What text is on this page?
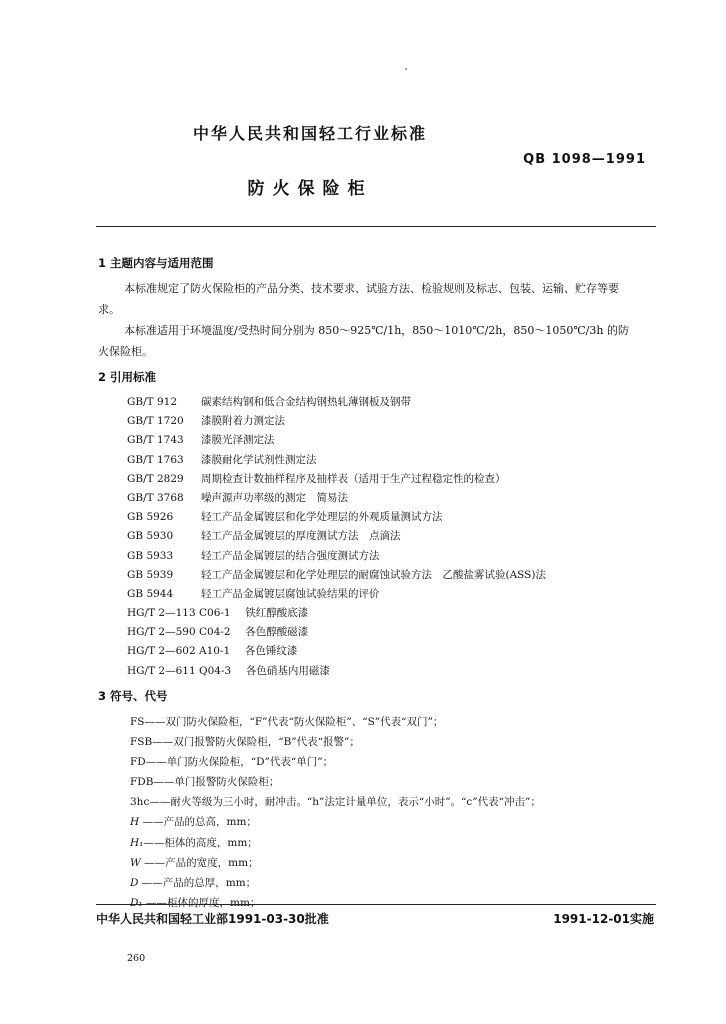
中华人民共和国轻工行业标准
QB 1098—1991
防火保险柜
1 主题内容与适用范围
本标准规定了防火保险柜的产品分类、技术要求、试验方法、检验规则及标志、包装、运输、贮存等要
求。
本标准适用于环境温度/受热时间分别为 850～925℃/1h，850～1010℃/2h，850～1050℃/3h 的防
火保险柜。
2 引用标准
GB/T 912 碳素结构钢和低合金结构钢热轧薄钢板及钢带
GB/T 1720 漆膜附着力测定法
GB/T 1743 漆膜光泽测定法
GB/T 1763 漆膜耐化学试剂性测定法
GB/T 2829 周期检查计数抽样程序及抽样表（适用于生产过程稳定性的检查）
GB/T 3768 噪声源声功率级的测定　简易法
GB 5926	轻工产品金属镀层和化学处理层的外观质量测试方法
GB 5930	轻工产品金属镀层的厚度测试方法　点滴法
GB 5933	轻工产品金属镀层的结合强度测试方法
GB 5939	轻工产品金属镀层和化学处理层的耐腐蚀试验方法　乙酸盐雾试验(ASS)法
GB 5944	轻工产品金属镀层腐蚀试验结果的评价
HG/T 2—113 C06-1 铁红醇酸底漆
HG/T 2—590 C04-2 各色醇酸磁漆
HG/T 2—602 A10-1 各色锤纹漆
HG/T 2—611 Q04-3 各色硝基内用磁漆
3 符号、代号
FS——双门防火保险柜，“F”代表“防火保险柜”、“S”代表“双门”；
FSB——双门报警防火保险柜，“B”代表“报警”；
FD——单门防火保险柜，“D”代表“单门”；
FDB——单门报警防火保险柜；
3hc——耐火等级为三小时，耐冲击。“h”法定计量单位，表示“小时”。“c”代表“冲击”；
H ——产品的总高，mm；
H₁——柜体的高度，mm；
W ——产品的宽度，mm；
D ——产品的总厚，mm；
D₁ ——柜体的厚度，mm；
中华人民共和国轻工业部1991-03-30批准	1991-12-01实施
260
